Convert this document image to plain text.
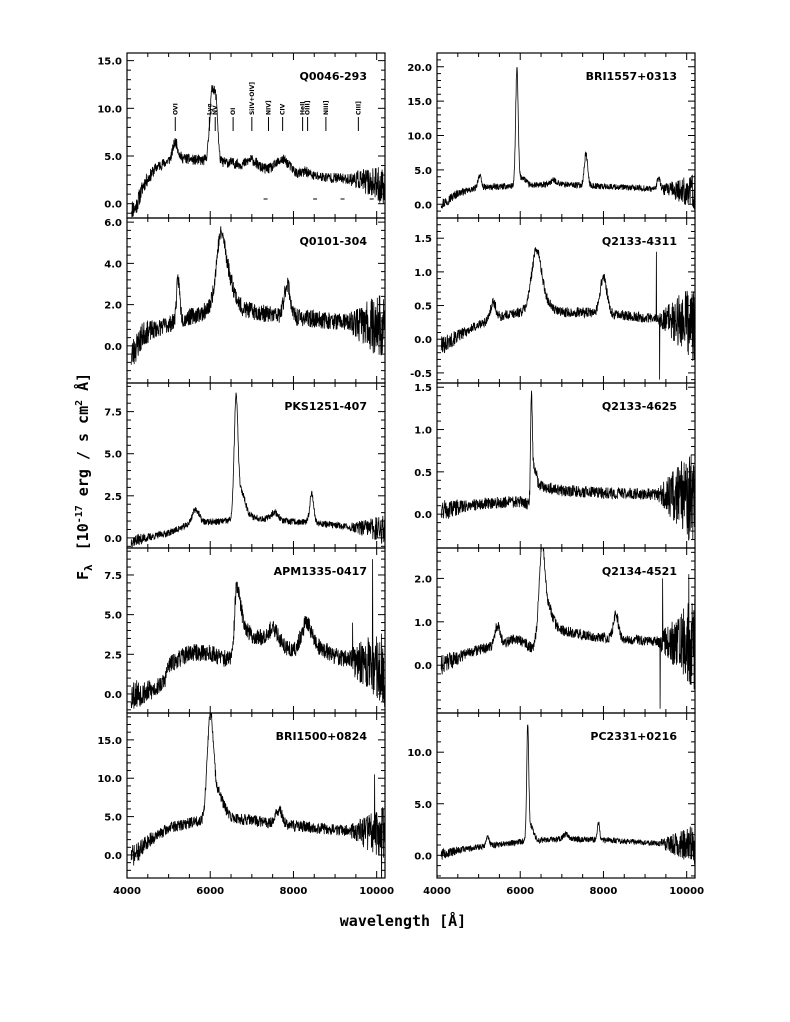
wavelength [Å]
$F_\lambda[10^{-17}erg$ / s $cm^2Å$]
0.0
5.0
10.0
15.0
Q0046-293
OVI	Lyα
NV OI SiIV+OIV] NIV] CIV HeII
OIII] NIII]	CIII]
0.0
2.0
4.0
6.0
Q0101-304
0.0
2.5
5.0
7.5
PKS1251-407
0.0
2.5
5.0
7.5	APM1335-0417
0.0
5.0
10.0
15.0
4000	6000	8000	10000
BRI1500+0824
0.0
5.0
10.0
15.0
20.0
BRI1557+0313
-0.5
0.0
0.5
1.0
1.5	Q2133-4311
0.0
0.5
1.0
1.5
Q2133-4625
0.0
1.0
2.0
Q2134-4521
0.0
5.0
10.0
4000	6000	8000	10000
PC2331+0216
